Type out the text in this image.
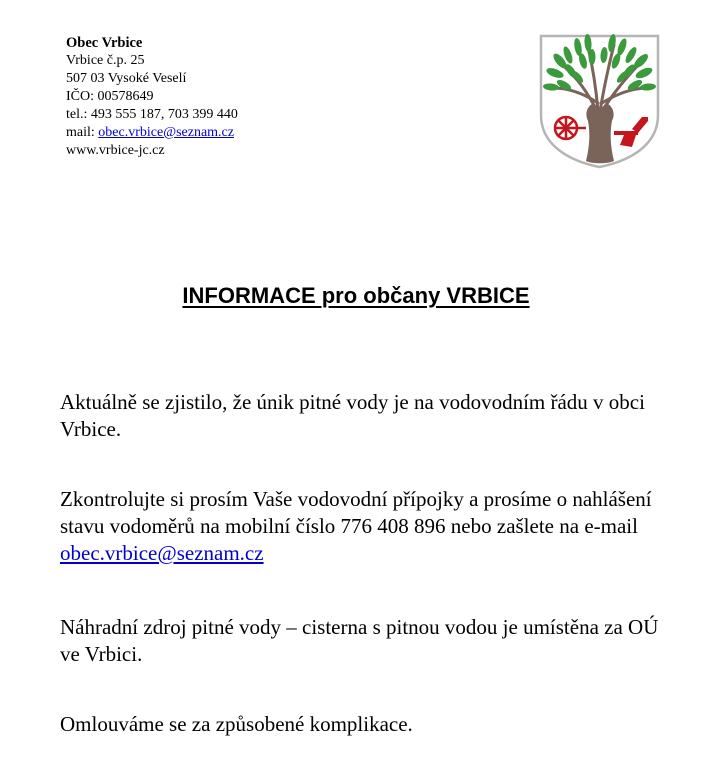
Obec Vrbice
Vrbice č.p. 25
507 03 Vysoké Veselí
IČO: 00578649
tel.: 493 555 187, 703 399 440
mail: obec.vrbice@seznam.cz
www.vrbice-jc.cz
INFORMACE pro občany VRBICE
Aktuálně se zjistilo, že únik pitné vody je na vodovodním řádu v obci Vrbice.
Zkontrolujte si prosím Vaše vodovodní přípojky a prosíme o nahlášení stavu vodoměrů na mobilní číslo 776 408 896 nebo zašlete na e-mail obec.vrbice@seznam.cz
Náhradní zdroj pitné vody – cisterna s pitnou vodou je umístěna za OÚ ve Vrbici.
Omlouváme se za způsobené komplikace.
